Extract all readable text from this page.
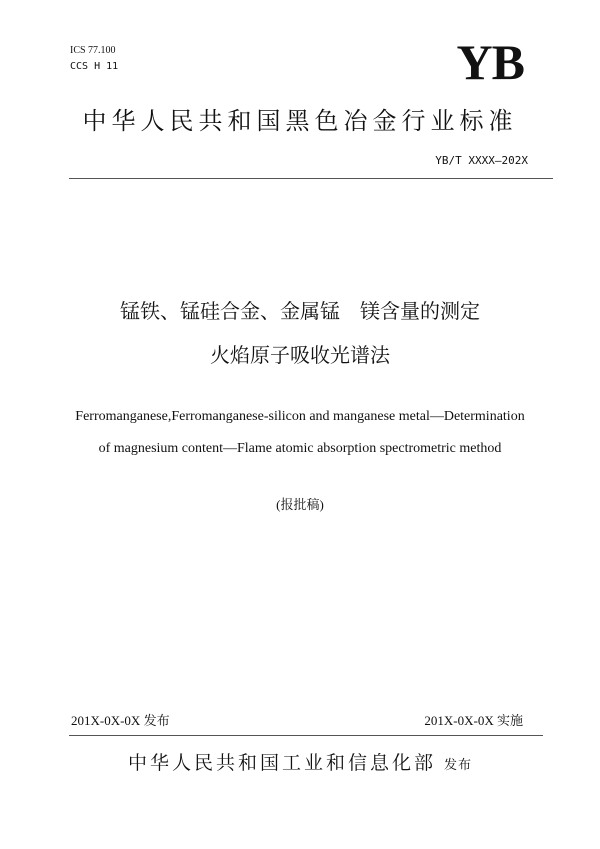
ICS 77.100
CCS H 11	YB
中华人民共和国黑色冶金行业标准
YB/T XXXX—202X
锰铁、锰硅合金、金属锰　镁含量的测定
火焰原子吸收光谱法
Ferromanganese,Ferromanganese-silicon and manganese metal—Determination
of magnesium content—Flame atomic absorption spectrometric method
(报批稿)
201X-0X-0X 发布	201X-0X-0X 实施
中华人民共和国工业和信息化部 发布
